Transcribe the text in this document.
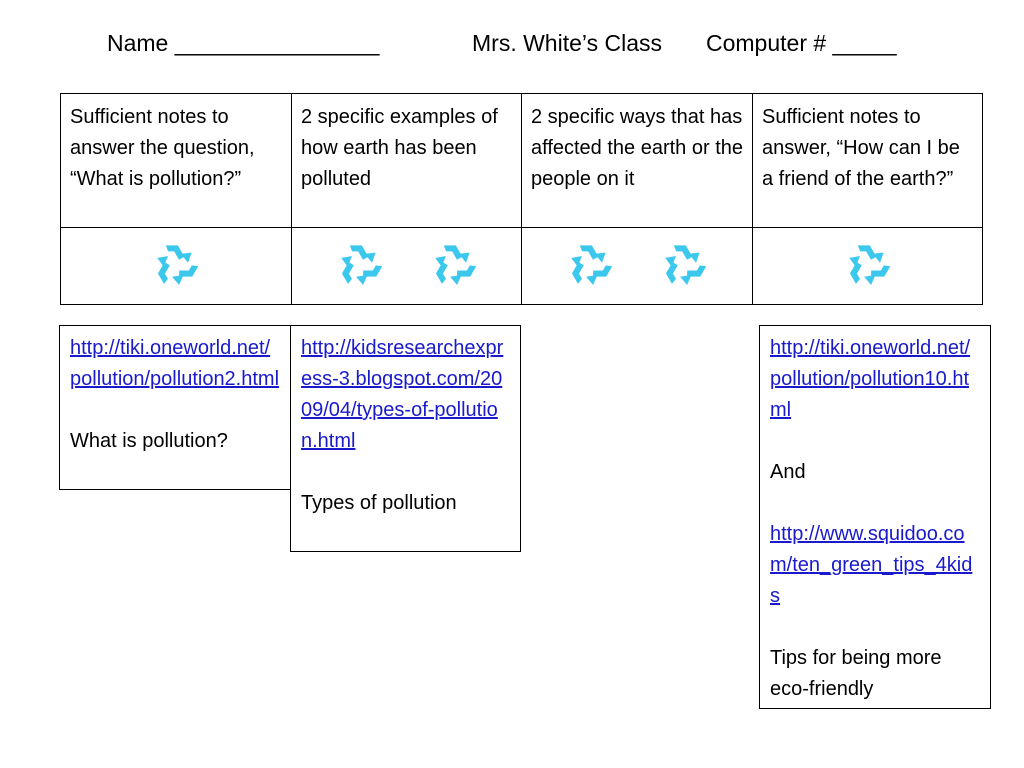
Name ________________	Mrs. White’s Class Computer # _____
Sufficient notes to answer the question, “What is pollution?”	2 specific examples of how earth has been polluted	2 specific ways that has affected the earth or the people on it	Sufficient notes to answer, “How can I be a friend of the earth?”

http://tiki.oneworld.net/pollution/pollution2.html

What is pollution?

http://kidsresearchexpress-3.blogspot.com/2009/04/types-of-pollution.html

Types of pollution

http://tiki.oneworld.net/pollution/pollution10.html

And

http://www.squidoo.com/ten_green_tips_4kids

Tips for being more eco-friendly
